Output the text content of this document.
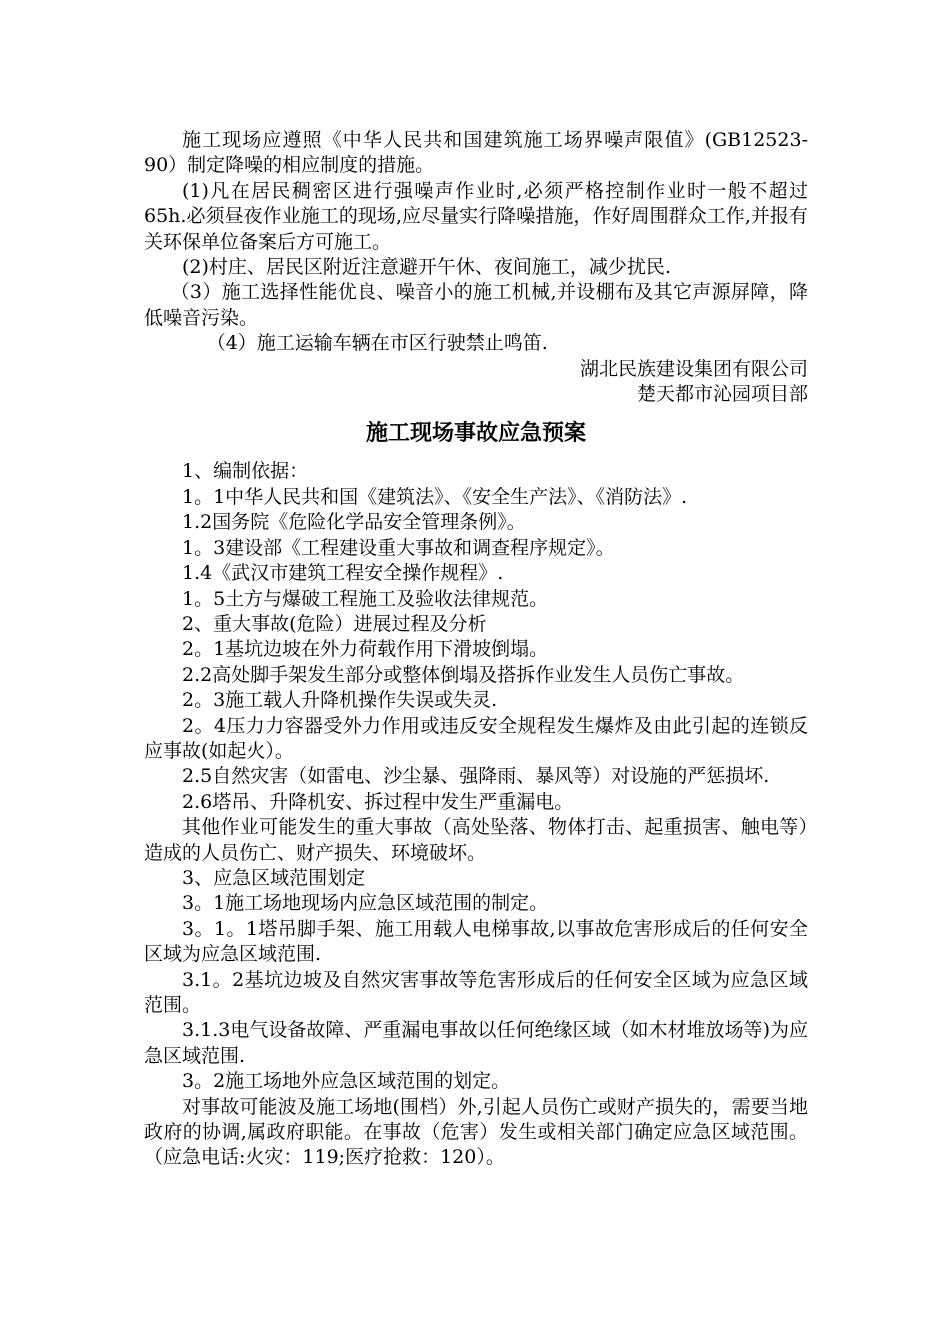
施工现场应遵照《中华人民共和国建筑施工场界噪声限值》(GB12523-90）制定降噪的相应制度的措施。

(1)凡在居民稠密区进行强噪声作业时,必须严格控制作业时一般不超过65h.必须昼夜作业施工的现场,应尽量实行降噪措施，作好周围群众工作,并报有关环保单位备案后方可施工。

(2)村庄、居民区附近注意避开午休、夜间施工，减少扰民.

（3）施工选择性能优良、噪音小的施工机械,并设棚布及其它声源屏障，降低噪音污染。

（4）施工运输车辆在市区行驶禁止鸣笛.

湖北民族建设集团有限公司

楚天都市沁园项目部

施工现场事故应急预案

1、编制依据：

1。1中华人民共和国《建筑法》、《安全生产法》、《消防法》.

1.2国务院《危险化学品安全管理条例》。

1。3建设部《工程建设重大事故和调查程序规定》。

1.4《武汉市建筑工程安全操作规程》.

1。5土方与爆破工程施工及验收法律规范。

2、重大事故(危险）进展过程及分析

2。1基坑边坡在外力荷载作用下滑坡倒塌。

2.2高处脚手架发生部分或整体倒塌及搭拆作业发生人员伤亡事故。

2。3施工载人升降机操作失误或失灵.

2。4压力力容器受外力作用或违反安全规程发生爆炸及由此引起的连锁反应事故(如起火）。

2.5自然灾害（如雷电、沙尘暴、强降雨、暴风等）对设施的严惩损坏.

2.6塔吊、升降机安、拆过程中发生严重漏电。

其他作业可能发生的重大事故（高处坠落、物体打击、起重损害、触电等）造成的人员伤亡、财产损失、环境破坏。

3、应急区域范围划定

3。1施工场地现场内应急区域范围的制定。

3。1。1塔吊脚手架、施工用载人电梯事故,以事故危害形成后的任何安全区域为应急区域范围.

3.1。2基坑边坡及自然灾害事故等危害形成后的任何安全区域为应急区域范围。

3.1.3电气设备故障、严重漏电事故以任何绝缘区域（如木材堆放场等)为应急区域范围.

3。2施工场地外应急区域范围的划定。

对事故可能波及施工场地(围档）外,引起人员伤亡或财产损失的，需要当地政府的协调,属政府职能。在事故（危害）发生或相关部门确定应急区域范围。（应急电话:火灾：119;医疗抢救：120）。
